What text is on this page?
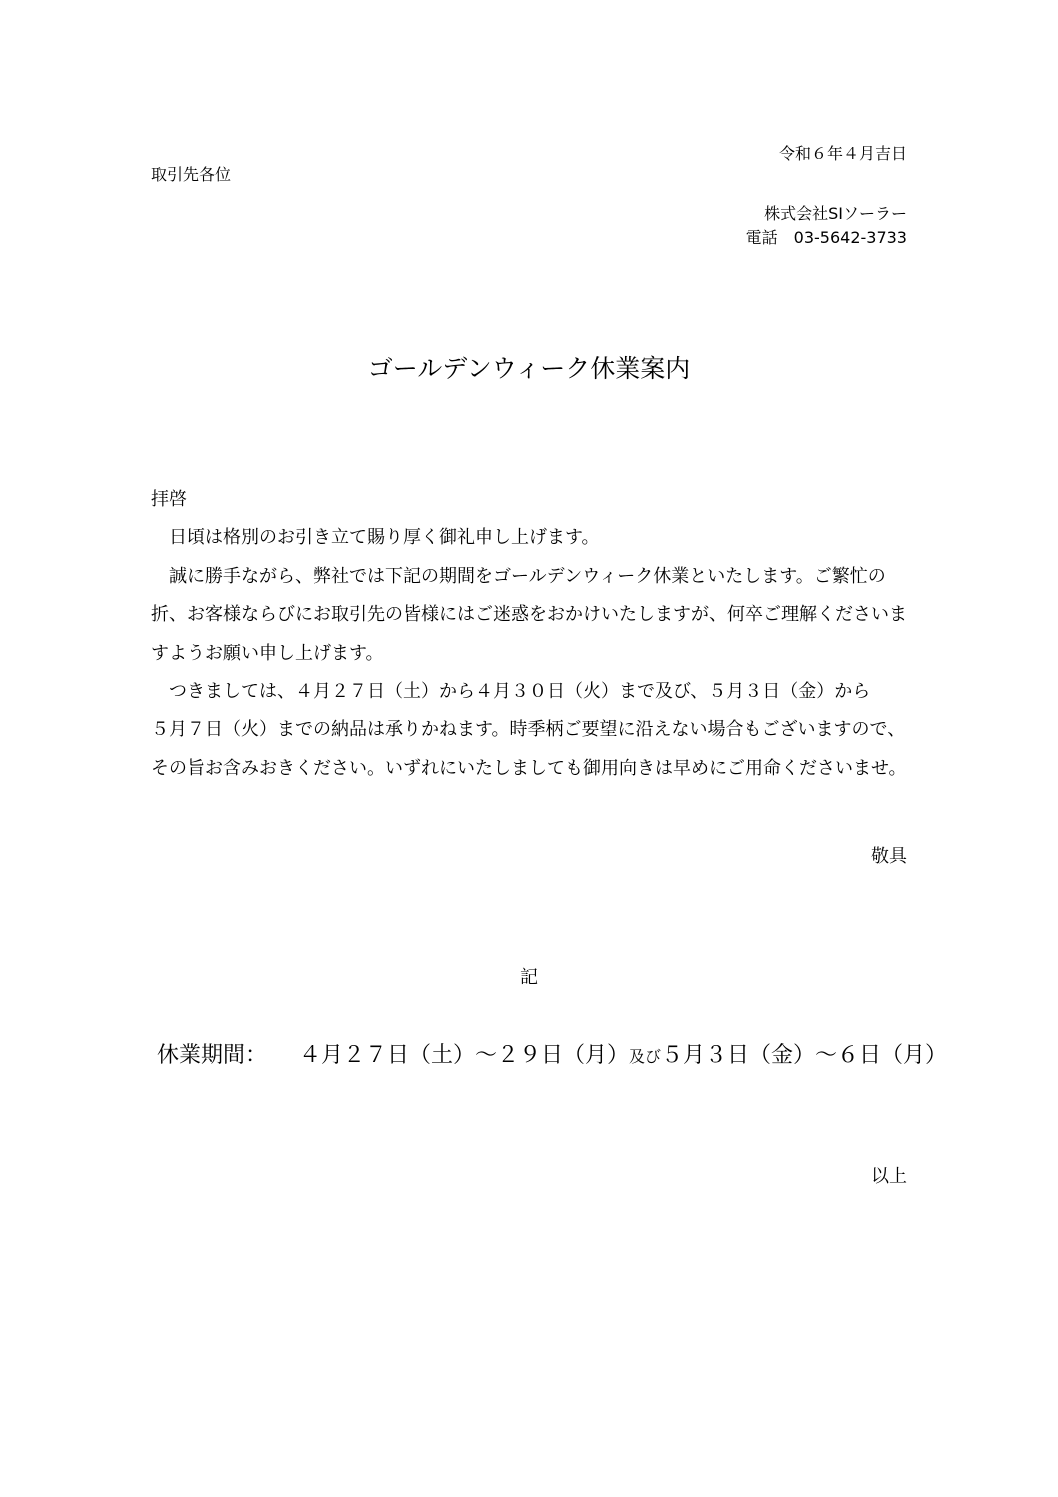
令和６年４月吉日
取引先各位
株式会社SIソーラー
電話　03-5642-3733
ゴールデンウィーク休業案内

拝啓

日頃は格別のお引き立て賜り厚く御礼申し上げます。

誠に勝手ながら、弊社では下記の期間をゴールデンウィーク休業といたします。ご繁忙の折、お客様ならびにお取引先の皆様にはご迷惑をおかけいたしますが、何卒ご理解くださいますようお願い申し上げます。

つきましては、４月２７日（土）から４月３０日（火）まで及び、５月３日（金）から

５月７日（火）までの納品は承りかねます。時季柄ご要望に沿えない場合もございますので、その旨お含みおきください。いずれにいたしましても御用向きは早めにご用命くださいませ。

敬具
記
休業期間： ４月２７日（土）～２９日（月）及び５月３日（金）～６日（月）
以上
